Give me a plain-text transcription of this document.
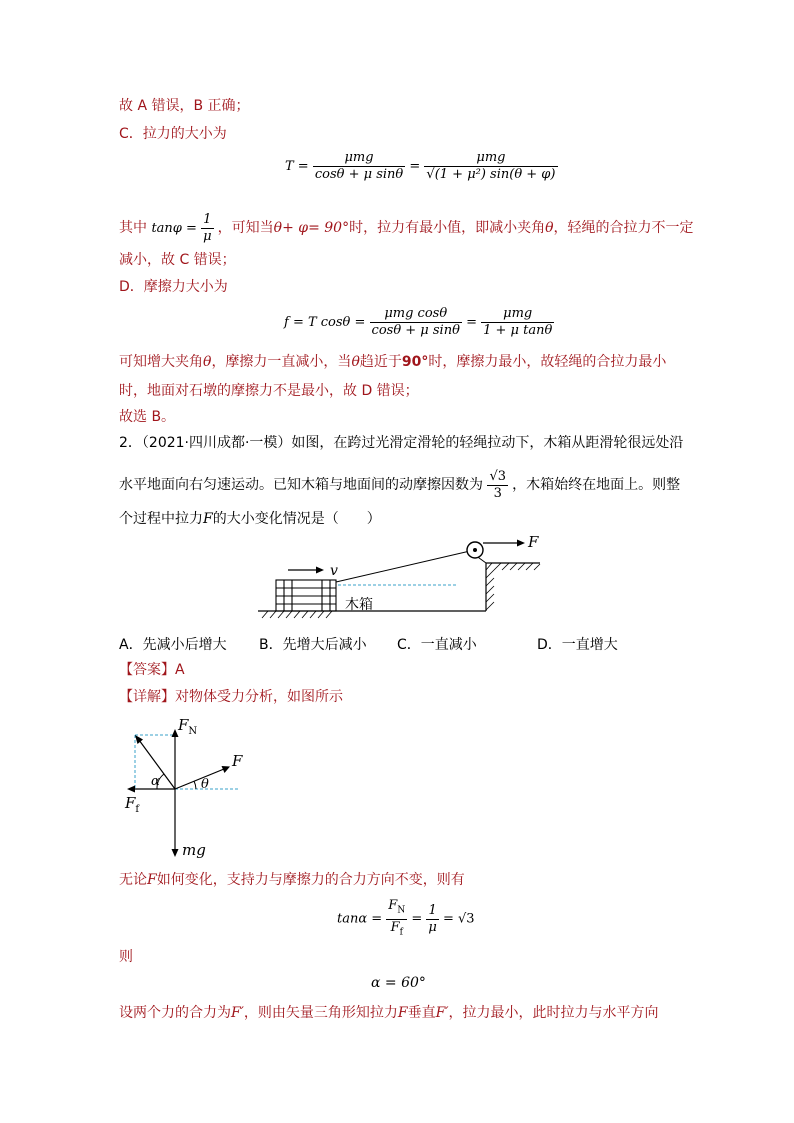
故 A 错误，B 正确；
C．拉力的大小为
$T = \frac{\text{μmg}}{\text{cosθ + μ sinθ}} = \frac{\text{μmg}}{\text{√(1 + μ²) sin(θ + φ)}}$
其中 $\tan\varphi = \frac{1}{\mu}$ ，可知当θ+ φ= 90°时，拉力有最小值，即减小夹角θ，轻绳的合拉力不一定
减小，故 C 错误；
D．摩擦力大小为
f = T $\cos\theta = \frac{\text{μmg cosθ}}{\text{cosθ + μ sinθ}} = \frac{\text{μmg}}{\text{1 + μ tanθ}}$
可知增大夹角θ，摩擦力一直减小，当θ趋近于90°时，摩擦力最小，故轻绳的合拉力最小
时，地面对石墩的摩擦力不是最小，故 D 错误；
故选 B。
2．（2021·四川成都·一模）如图，在跨过光滑定滑轮的轻绳拉动下，木箱从距滑轮很远处沿
水平地面向右匀速运动。已知木箱与地面间的动摩擦因数为 $\frac{√3}{3}$ ，木箱始终在地面上。则整
个过程中拉力F的大小变化情况是（　　）
木箱
v
F
A．先减小后增大 B．先增大后减小 C．一直减小	D．一直增大
【答案】A
【详解】对物体受力分析，如图所示
$F_N$
$F_f$
F
θ
α
mg
无论F如何变化，支持力与摩擦力的合力方向不变，则有
$\tan\alpha = \frac{F_N}{F_f} = \frac{1}{\mu} = √3$
则
α = 60°
设两个力的合力为F′，则由矢量三角形知拉力F垂直F′，拉力最小，此时拉力与水平方向
